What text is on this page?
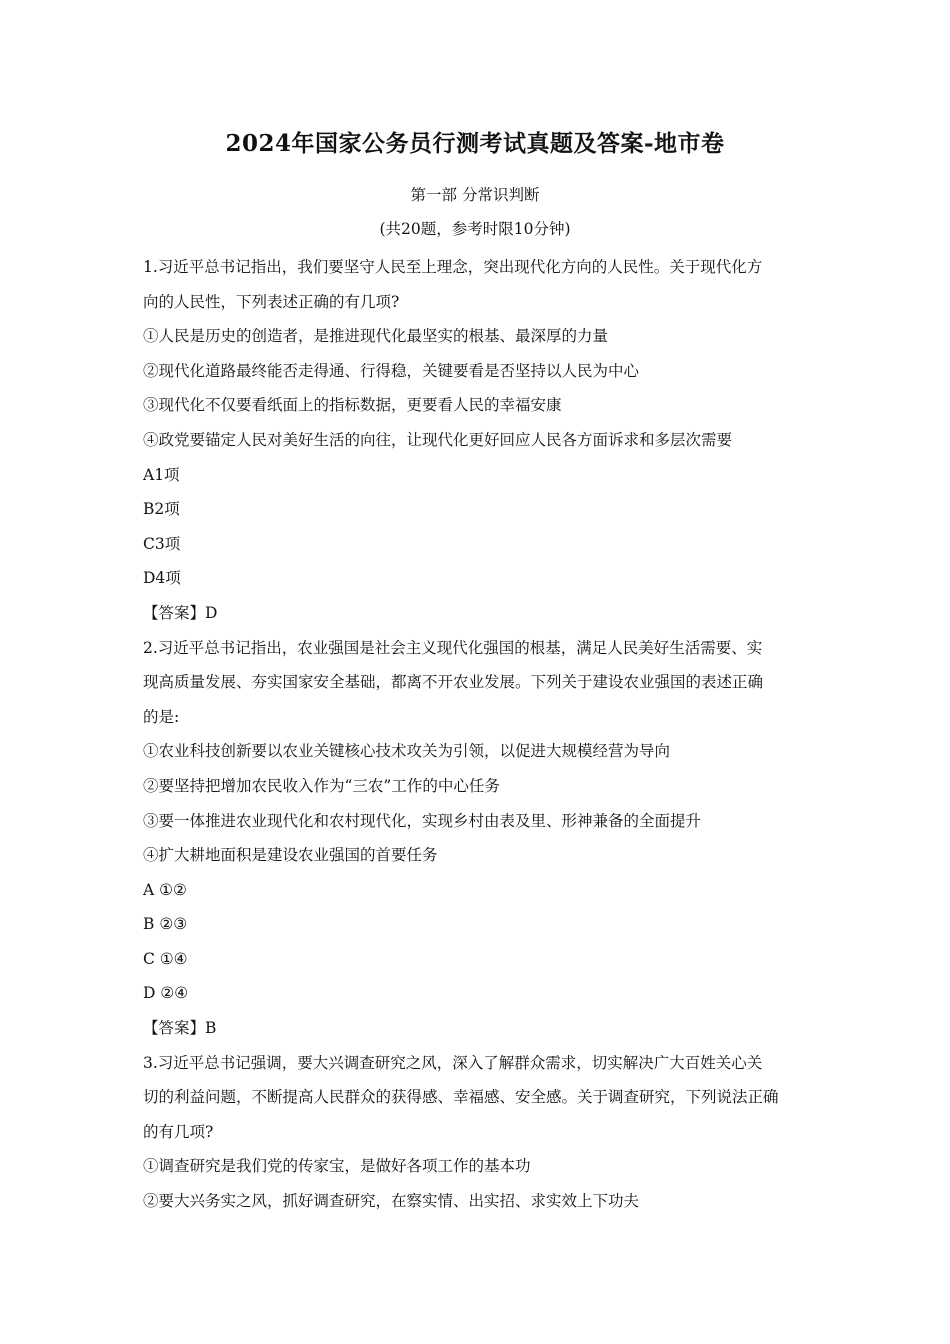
2024年国家公务员行测考试真题及答案-地市卷
第一部 分常识判断
(共20题，参考时限10分钟)
1.习近平总书记指出，我们要坚守人民至上理念，突出现代化方向的人民性。关于现代化方
向的人民性，下列表述正确的有几项?
①人民是历史的创造者，是推进现代化最坚实的根基、最深厚的力量
②现代化道路最终能否走得通、行得稳，关键要看是否坚持以人民为中心
③现代化不仅要看纸面上的指标数据，更要看人民的幸福安康
④政党要锚定人民对美好生活的向往，让现代化更好回应人民各方面诉求和多层次需要
A1项
B2项
C3项
D4项
【答案】D
2.习近平总书记指出，农业强国是社会主义现代化强国的根基，满足人民美好生活需要、实
现高质量发展、夯实国家安全基础，都离不开农业发展。下列关于建设农业强国的表述正确
的是:
①农业科技创新要以农业关键核心技术攻关为引领，以促进大规模经营为导向
②要坚持把增加农民收入作为“三农”工作的中心任务
③要一体推进农业现代化和农村现代化，实现乡村由表及里、形神兼备的全面提升
④扩大耕地面积是建设农业强国的首要任务
A ①②
B ②③
C ①④
D ②④
【答案】B
3.习近平总书记强调，要大兴调查研究之风，深入了解群众需求，切实解决广大百姓关心关
切的利益问题，不断提高人民群众的获得感、幸福感、安全感。关于调查研究，下列说法正确
的有几项?
①调查研究是我们党的传家宝，是做好各项工作的基本功
②要大兴务实之风，抓好调查研究，在察实情、出实招、求实效上下功夫
